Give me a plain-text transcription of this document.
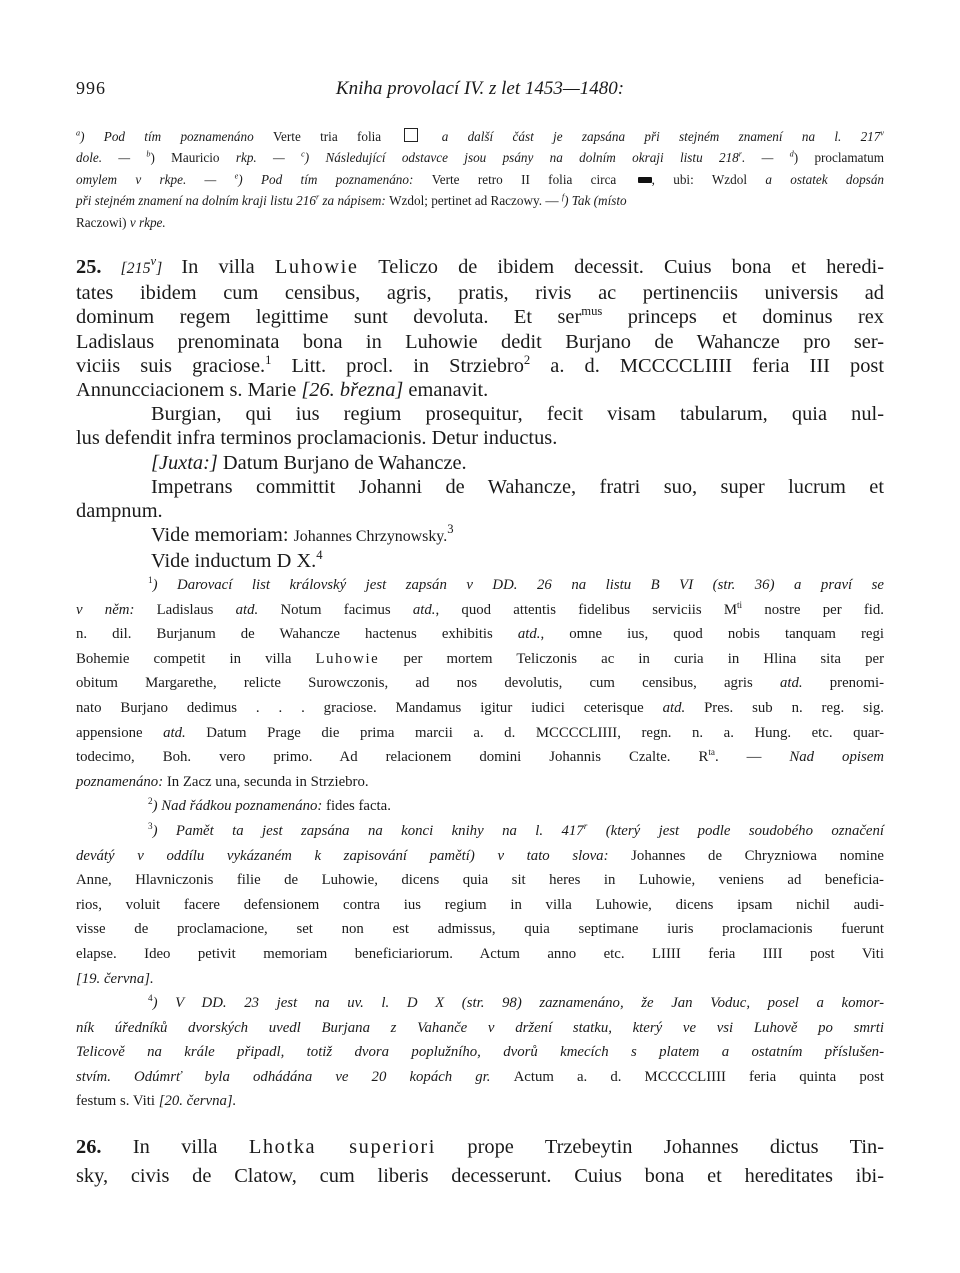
996	Kniha provolací IV. z let 1453—1480:
$^a$) Pod tím poznamenáno Verte tria folia ☒ a další část je zapsána při stejném znamení na l. 217$^v$
dole. — $^b$) Mauricio rkp. — $^c$) Následující odstavce jsou psány na dolním okraji listu 218$^r$. — $^d$) proclamatum
omylem v rkpe. — $^e$) Pod tím poznamenáno: Verte retro II folia circa , ubi: Wzdol a ostatek dopsán
při stejném znamení na dolním kraji listu 216$^r$ za nápisem: Wzdol; pertinet ad Raczowy. — $^f$) Tak (místo
Raczowi) v rkpe.
25. [215$^v$] In villa Luhowie Teliczo de ibidem decessit. Cuius bona et heredi-
tates ibidem cum censibus, agris, pratis, rivis ac pertinenciis universis ad
dominum regem legittime sunt devoluta. Et ser$^{mus}$ princeps et dominus rex
Ladislaus prenominata bona in Luhowie dedit Burjano de Wahancze pro ser-
viciis suis graciose.$^1$ Litt. procl. in Strziebro$^2$ a. d. MCCCCLIIII feria III post
Annuncciacionem s. Marie [26. března] emanavit.
Burgian, qui ius regium prosequitur, fecit visam tabularum, quia nul-
lus defendit infra terminos proclamacionis. Detur inductus.
[Juxta:] Datum Burjano de Wahancze.
Impetrans committit Johanni de Wahancze, fratri suo, super lucrum et
dampnum.
Vide memoriam: Johannes Chrzynowsky.$^3$
Vide inductum D X.$^4$
$^1$) Darovací list královský jest zapsán v DD. 26 na listu B VI (str. 36) a praví se
v něm: Ladislaus atd. Notum facimus atd., quod attentis fidelibus serviciis $M^{ti}$ nostre per fid.
n. dil. Burjanum de Wahancze hactenus exhibitis atd., omne ius, quod nobis tanquam regi
Bohemie competit in villa Luhowie per mortem Teliczonis ac in curia in Hlina sita per
obitum Margarethe, relicte Surowczonis, ad nos devolutis, cum censibus, agris atd. prenomi-
nato Burjano dedimus . . . graciose. Mandamus igitur iudici ceterisque atd. Pres. sub n. reg. sig.
appensione atd. Datum Prage die prima marcii a. d. MCCCCLIIII, regn. n. a. Hung. etc. quar-
todecimo, Boh. vero primo. Ad relacionem domini Johannis Czalte. $R^{ta}$. — Nad opisem
poznamenáno: In Zacz una, secunda in Strziebro.
$^2$) Nad řádkou poznamenáno: fides facta.
$^3$) Pamět ta jest zapsána na konci knihy na l. 417$^r$ (který jest podle soudobého označení
devátý v oddílu vykázaném k zapisování pamětí) v tato slova: Johannes de Chryzniowa nomine
Anne, Hlavniczonis filie de Luhowie, dicens quia sit heres in Luhowie, veniens ad beneficia-
rios, voluit facere defensionem contra ius regium in villa Luhowie, dicens ipsam nichil audi-
visse de proclamacione, set non est admissus, quia septimane iuris proclamacionis fuerunt
elapse. Ideo petivit memoriam beneficiariorum. Actum anno etc. LIIII feria IIII post Viti
[19. června].
$^4$) V DD. 23 jest na uv. l. D X (str. 98) zaznamenáno, že Jan Voduc, posel a komor-
ník úředníků dvorských uvedl Burjana z Vahanče v držení statku, který ve vsi Luhově po smrti
Telicově na krále připadl, totiž dvora poplužního, dvorů kmecích s platem a ostatním příslušen-
stvím. Odúmrť byla odhádána ve 20 kopách gr. Actum a. d. MCCCCLIIII feria quinta post
festum s. Viti [20. června].
26. In villa Lhotka superiori prope Trzebeytin Johannes dictus Tin-
sky, civis de Clatow, cum liberis decesserunt. Cuius bona et hereditates ibi-
